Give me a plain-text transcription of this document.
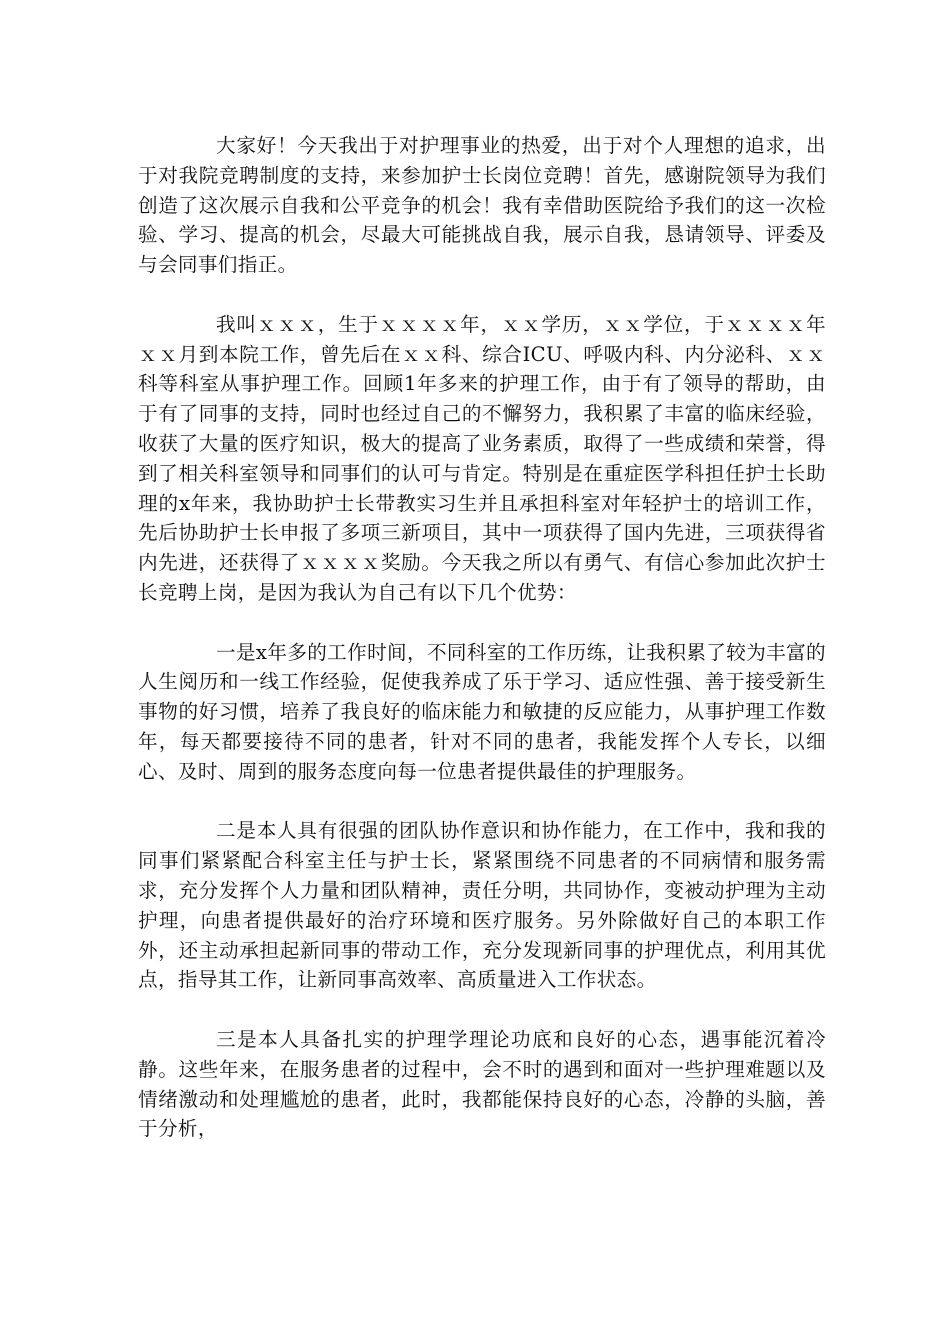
大家好！今天我出于对护理事业的热爱，出于对个人理想的追求，出于对我院竞聘制度的支持，来参加护士长岗位竞聘！首先，感谢院领导为我们创造了这次展示自我和公平竞争的机会！我有幸借助医院给予我们的这一次检验、学习、提高的机会，尽最大可能挑战自我，展示自我，恳请领导、评委及与会同事们指正。

我叫ｘｘｘ，生于ｘｘｘｘ年，ｘｘ学历，ｘｘ学位，于ｘｘｘｘ年ｘｘ月到本院工作，曾先后在ｘｘ科、综合ICU、呼吸内科、内分泌科、ｘｘ科等科室从事护理工作。回顾1年多来的护理工作，由于有了领导的帮助，由于有了同事的支持，同时也经过自己的不懈努力，我积累了丰富的临床经验，收获了大量的医疗知识，极大的提高了业务素质，取得了一些成绩和荣誉，得到了相关科室领导和同事们的认可与肯定。特别是在重症医学科担任护士长助理的x年来，我协助护士长带教实习生并且承担科室对年轻护士的培训工作，先后协助护士长申报了多项三新项目，其中一项获得了国内先进，三项获得省内先进，还获得了ｘｘｘｘ奖励。今天我之所以有勇气、有信心参加此次护士长竞聘上岗，是因为我认为自己有以下几个优势：

一是x年多的工作时间，不同科室的工作历练，让我积累了较为丰富的人生阅历和一线工作经验，促使我养成了乐于学习、适应性强、善于接受新生事物的好习惯，培养了我良好的临床能力和敏捷的反应能力，从事护理工作数年，每天都要接待不同的患者，针对不同的患者，我能发挥个人专长，以细心、及时、周到的服务态度向每一位患者提供最佳的护理服务。

二是本人具有很强的团队协作意识和协作能力，在工作中，我和我的同事们紧紧配合科室主任与护士长，紧紧围绕不同患者的不同病情和服务需求，充分发挥个人力量和团队精神，责任分明，共同协作，变被动护理为主动护理，向患者提供最好的治疗环境和医疗服务。另外除做好自己的本职工作外，还主动承担起新同事的带动工作，充分发现新同事的护理优点，利用其优点，指导其工作，让新同事高效率、高质量进入工作状态。

三是本人具备扎实的护理学理论功底和良好的心态，遇事能沉着冷静。这些年来，在服务患者的过程中，会不时的遇到和面对一些护理难题以及情绪激动和处理尴尬的患者，此时，我都能保持良好的心态，冷静的头脑，善于分析，
